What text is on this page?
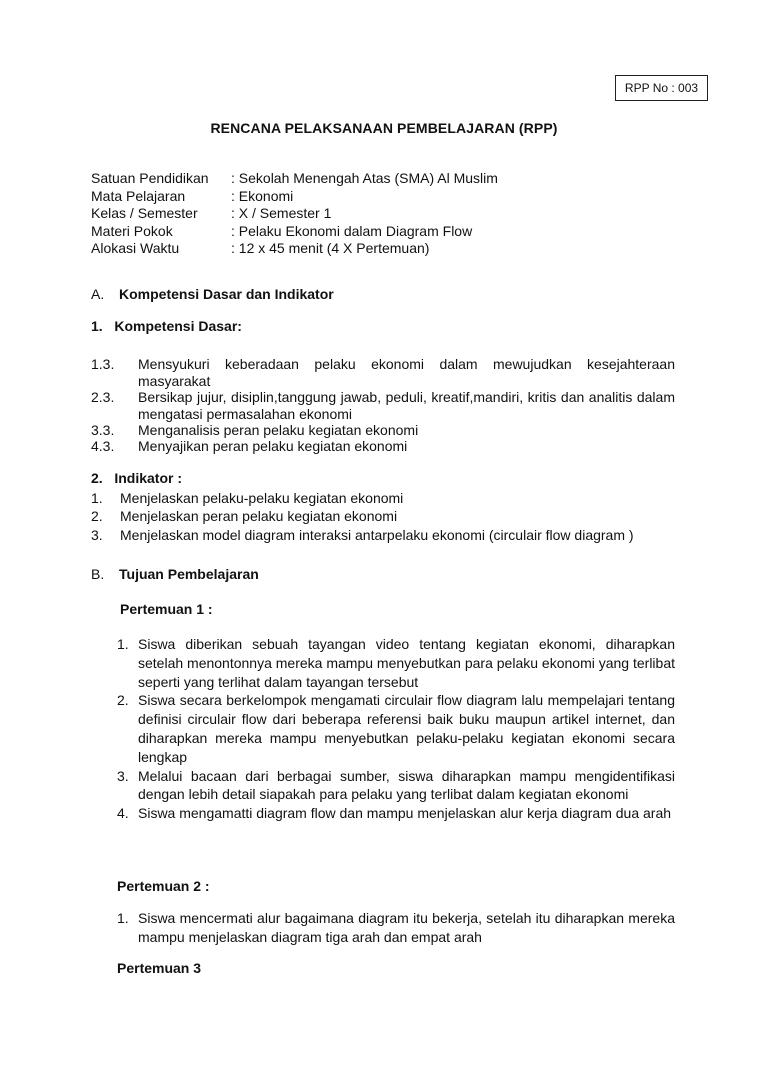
RPP No : 003
RENCANA PELAKSANAAN PEMBELAJARAN (RPP)
Satuan Pendidikan	: Sekolah Menengah Atas (SMA) Al Muslim
Mata Pelajaran	: Ekonomi
Kelas / Semester	: X / Semester 1
Materi Pokok	: Pelaku Ekonomi dalam Diagram Flow
Alokasi Waktu	: 12 x 45 menit (4 X Pertemuan)
A. Kompetensi Dasar dan Indikator
1.   Kompetensi Dasar:
1.3. Mensyukuri keberadaan pelaku ekonomi dalam mewujudkan kesejahteraan masyarakat
2.3. Bersikap jujur, disiplin,tanggung jawab, peduli, kreatif,mandiri, kritis dan analitis dalam mengatasi permasalahan ekonomi
3.3. Menganalisis peran pelaku kegiatan ekonomi
4.3. Menyajikan peran pelaku kegiatan ekonomi
2.   Indikator :
1. Menjelaskan pelaku-pelaku kegiatan ekonomi
2. Menjelaskan peran pelaku kegiatan ekonomi
3. Menjelaskan model diagram interaksi antarpelaku ekonomi (circulair flow diagram )
B. Tujuan Pembelajaran
Pertemuan 1 :
1. Siswa diberikan sebuah tayangan video tentang kegiatan ekonomi, diharapkan setelah menontonnya mereka mampu menyebutkan para pelaku ekonomi yang terlibat seperti yang terlihat dalam tayangan tersebut
2. Siswa secara berkelompok mengamati circulair flow diagram lalu mempelajari tentang definisi circulair flow dari beberapa referensi baik buku maupun artikel internet, dan diharapkan mereka mampu menyebutkan pelaku-pelaku kegiatan ekonomi secara lengkap
3. Melalui bacaan dari berbagai sumber, siswa diharapkan mampu mengidentifikasi dengan lebih detail siapakah para pelaku yang terlibat dalam kegiatan ekonomi
4. Siswa mengamatti diagram flow dan mampu menjelaskan alur kerja diagram dua arah
Pertemuan 2 :
1. Siswa mencermati alur bagaimana diagram itu bekerja, setelah itu diharapkan mereka mampu menjelaskan diagram tiga arah dan empat arah
Pertemuan 3
